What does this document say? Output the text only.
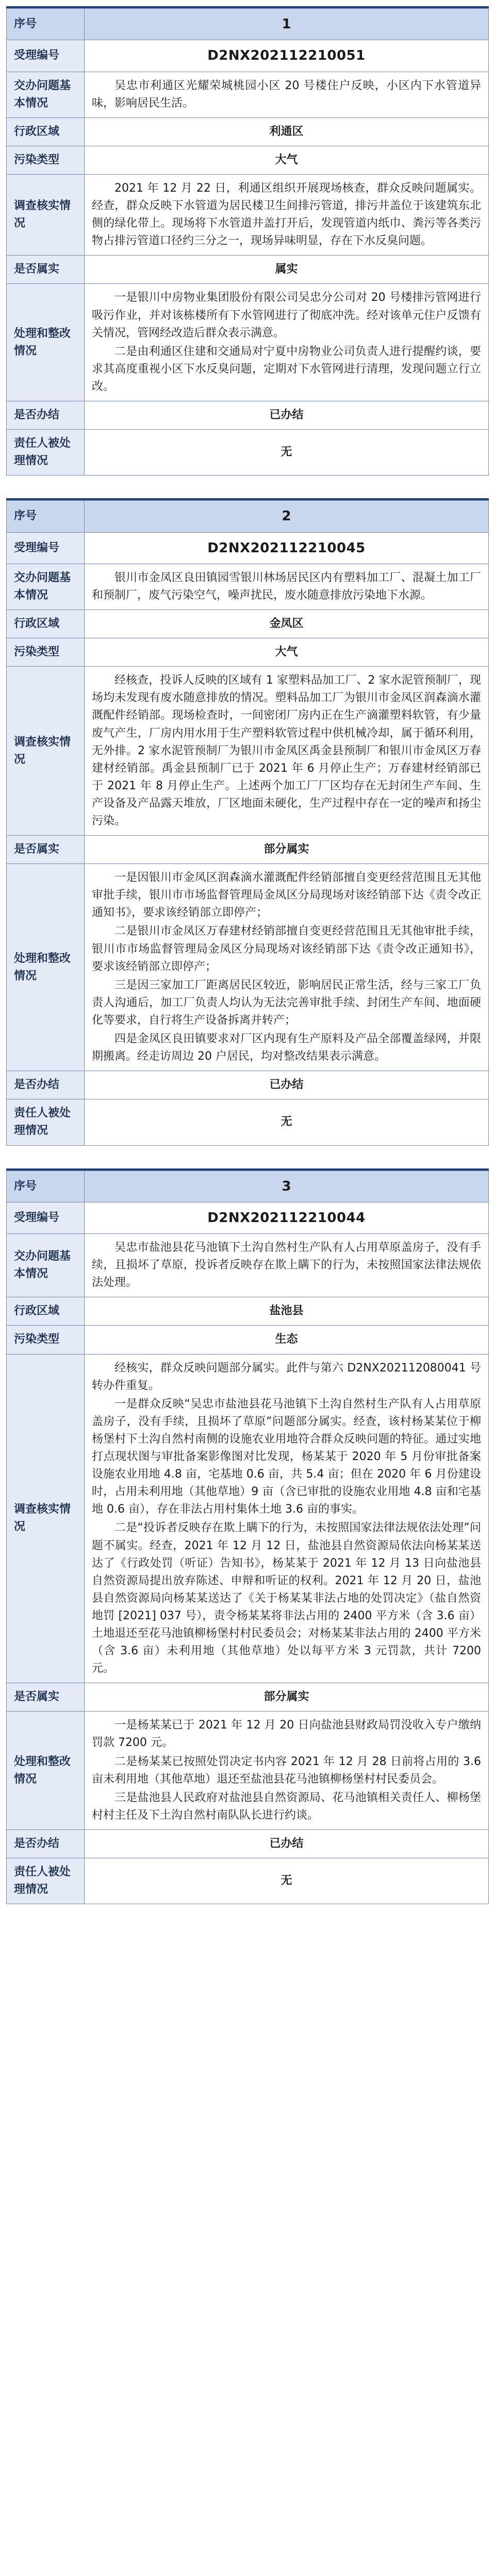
序号	1
受理编号	D2NX202112210051
交办问题基本情况	吴忠市利通区光耀荣城桃园小区 20 号楼住户反映，小区内下水管道异味，影响居民生活。

行政区域	利通区
污染类型	大气
调查核实情况	2021 年 12 月 22 日，利通区组织开展现场核查，群众反映问题属实。经查，群众反映下水管道为居民楼卫生间排污管道，排污井盖位于该建筑东北侧的绿化带上。现场将下水管道井盖打开后，发现管道内纸巾、粪污等各类污物占排污管道口径约三分之一，现场异味明显，存在下水反臭问题。

是否属实	属实
处理和整改情况	一是银川中房物业集团股份有限公司吴忠分公司对 20 号楼排污管网进行吸污作业，并对该栋楼所有下水管网进行了彻底冲洗。经对该单元住户反馈有关情况，管网经改造后群众表示满意。
二是由利通区住建和交通局对宁夏中房物业公司负责人进行提醒约谈，要求其高度重视小区下水反臭问题，定期对下水管网进行清理，发现问题立行立改。

是否办结	已办结
责任人被处理情况	无
序号	2
受理编号	D2NX202112210045
交办问题基本情况	银川市金凤区良田镇园雪银川林场居民区内有塑料加工厂、混凝土加工厂和预制厂，废气污染空气，噪声扰民，废水随意排放污染地下水源。

行政区域	金凤区
污染类型	大气
调查核实情况	经核查，投诉人反映的区域有 1 家塑料品加工厂、2 家水泥管预制厂，现场均未发现有废水随意排放的情况。塑料品加工厂为银川市金凤区润森滴水灌溉配件经销部。现场检查时，一间密闭厂房内正在生产滴灌塑料软管，有少量废气产生，厂房内用水用于生产塑料软管过程中供机械冷却，属于循环利用，无外排。2 家水泥管预制厂为银川市金凤区禹金县预制厂和银川市金凤区万春建材经销部。禹金县预制厂已于 2021 年 6 月停止生产；万春建材经销部已于 2021 年 8 月停止生产。上述两个加工厂厂区均存在无封闭生产车间、生产设备及产品露天堆放，厂区地面未硬化，生产过程中存在一定的噪声和扬尘污染。

是否属实	部分属实
处理和整改情况	一是因银川市金凤区润森滴水灌溉配件经销部擅自变更经营范围且无其他审批手续，银川市市场监督管理局金凤区分局现场对该经销部下达《责令改正通知书》，要求该经销部立即停产；
二是银川市金凤区万春建材经销部擅自变更经营范围且无其他审批手续，银川市市场监督管理局金凤区分局现场对该经销部下达《责令改正通知书》，要求该经销部立即停产；
三是因三家加工厂距离居民区较近，影响居民正常生活，经与三家工厂负责人沟通后，加工厂负责人均认为无法完善审批手续、封闭生产车间、地面硬化等要求，自行将生产设备拆离并转产；
四是金凤区良田镇要求对厂区内现有生产原料及产品全部覆盖绿网，并限期搬离。经走访周边 20 户居民，均对整改结果表示满意。

是否办结	已办结
责任人被处理情况	无
序号	3
受理编号	D2NX202112210044
交办问题基本情况	吴忠市盐池县花马池镇下土沟自然村生产队有人占用草原盖房子，没有手续，且损坏了草原，投诉者反映存在欺上瞒下的行为，未按照国家法律法规依法处理。

行政区域	盐池县
污染类型	生态
调查核实情况	经核实，群众反映问题部分属实。此件与第六 D2NX202112080041 号转办件重复。
一是群众反映“吴忠市盐池县花马池镇下土沟自然村生产队有人占用草原盖房子，没有手续，且损坏了草原”问题部分属实。经查，该村杨某某位于柳杨堡村下土沟自然村南侧的设施农业用地符合群众反映问题的特征。通过实地打点现状图与审批备案影像图对比发现，杨某某于 2020 年 5 月份审批备案设施农业用地 4.8 亩，宅基地 0.6 亩，共 5.4 亩；但在 2020 年 6 月份建设时，占用未利用地（其他草地）9 亩（含已审批的设施农业用地 4.8 亩和宅基地 0.6 亩），存在非法占用村集体土地 3.6 亩的事实。
二是“投诉者反映存在欺上瞒下的行为，未按照国家法律法规依法处理”问题不属实。经查，2021 年 12 月 12 日，盐池县自然资源局依法向杨某某送达了《行政处罚（听证）告知书》，杨某某于 2021 年 12 月 13 日向盐池县自然资源局提出放弃陈述、申辩和听证的权利。2021 年 12 月 20 日，盐池县自然资源局向杨某某送达了《关于杨某某非法占地的处罚决定》（盐自然资地罚 [2021] 037 号），责令杨某某将非法占用的 2400 平方米（含 3.6 亩）土地退还至花马池镇柳杨堡村村民委员会；对杨某某非法占用的 2400 平方米（含 3.6 亩）未利用地（其他草地）处以每平方米 3 元罚款，共计 7200 元。

是否属实	部分属实
处理和整改情况	一是杨某某已于 2021 年 12 月 20 日向盐池县财政局罚没收入专户缴纳罚款 7200 元。
二是杨某某已按照处罚决定书内容 2021 年 12 月 28 日前将占用的 3.6 亩未利用地（其他草地）退还至盐池县花马池镇柳杨堡村村民委员会。
三是盐池县人民政府对盐池县自然资源局、花马池镇相关责任人、柳杨堡村村主任及下土沟自然村南队队长进行约谈。

是否办结	已办结
责任人被处理情况	无
